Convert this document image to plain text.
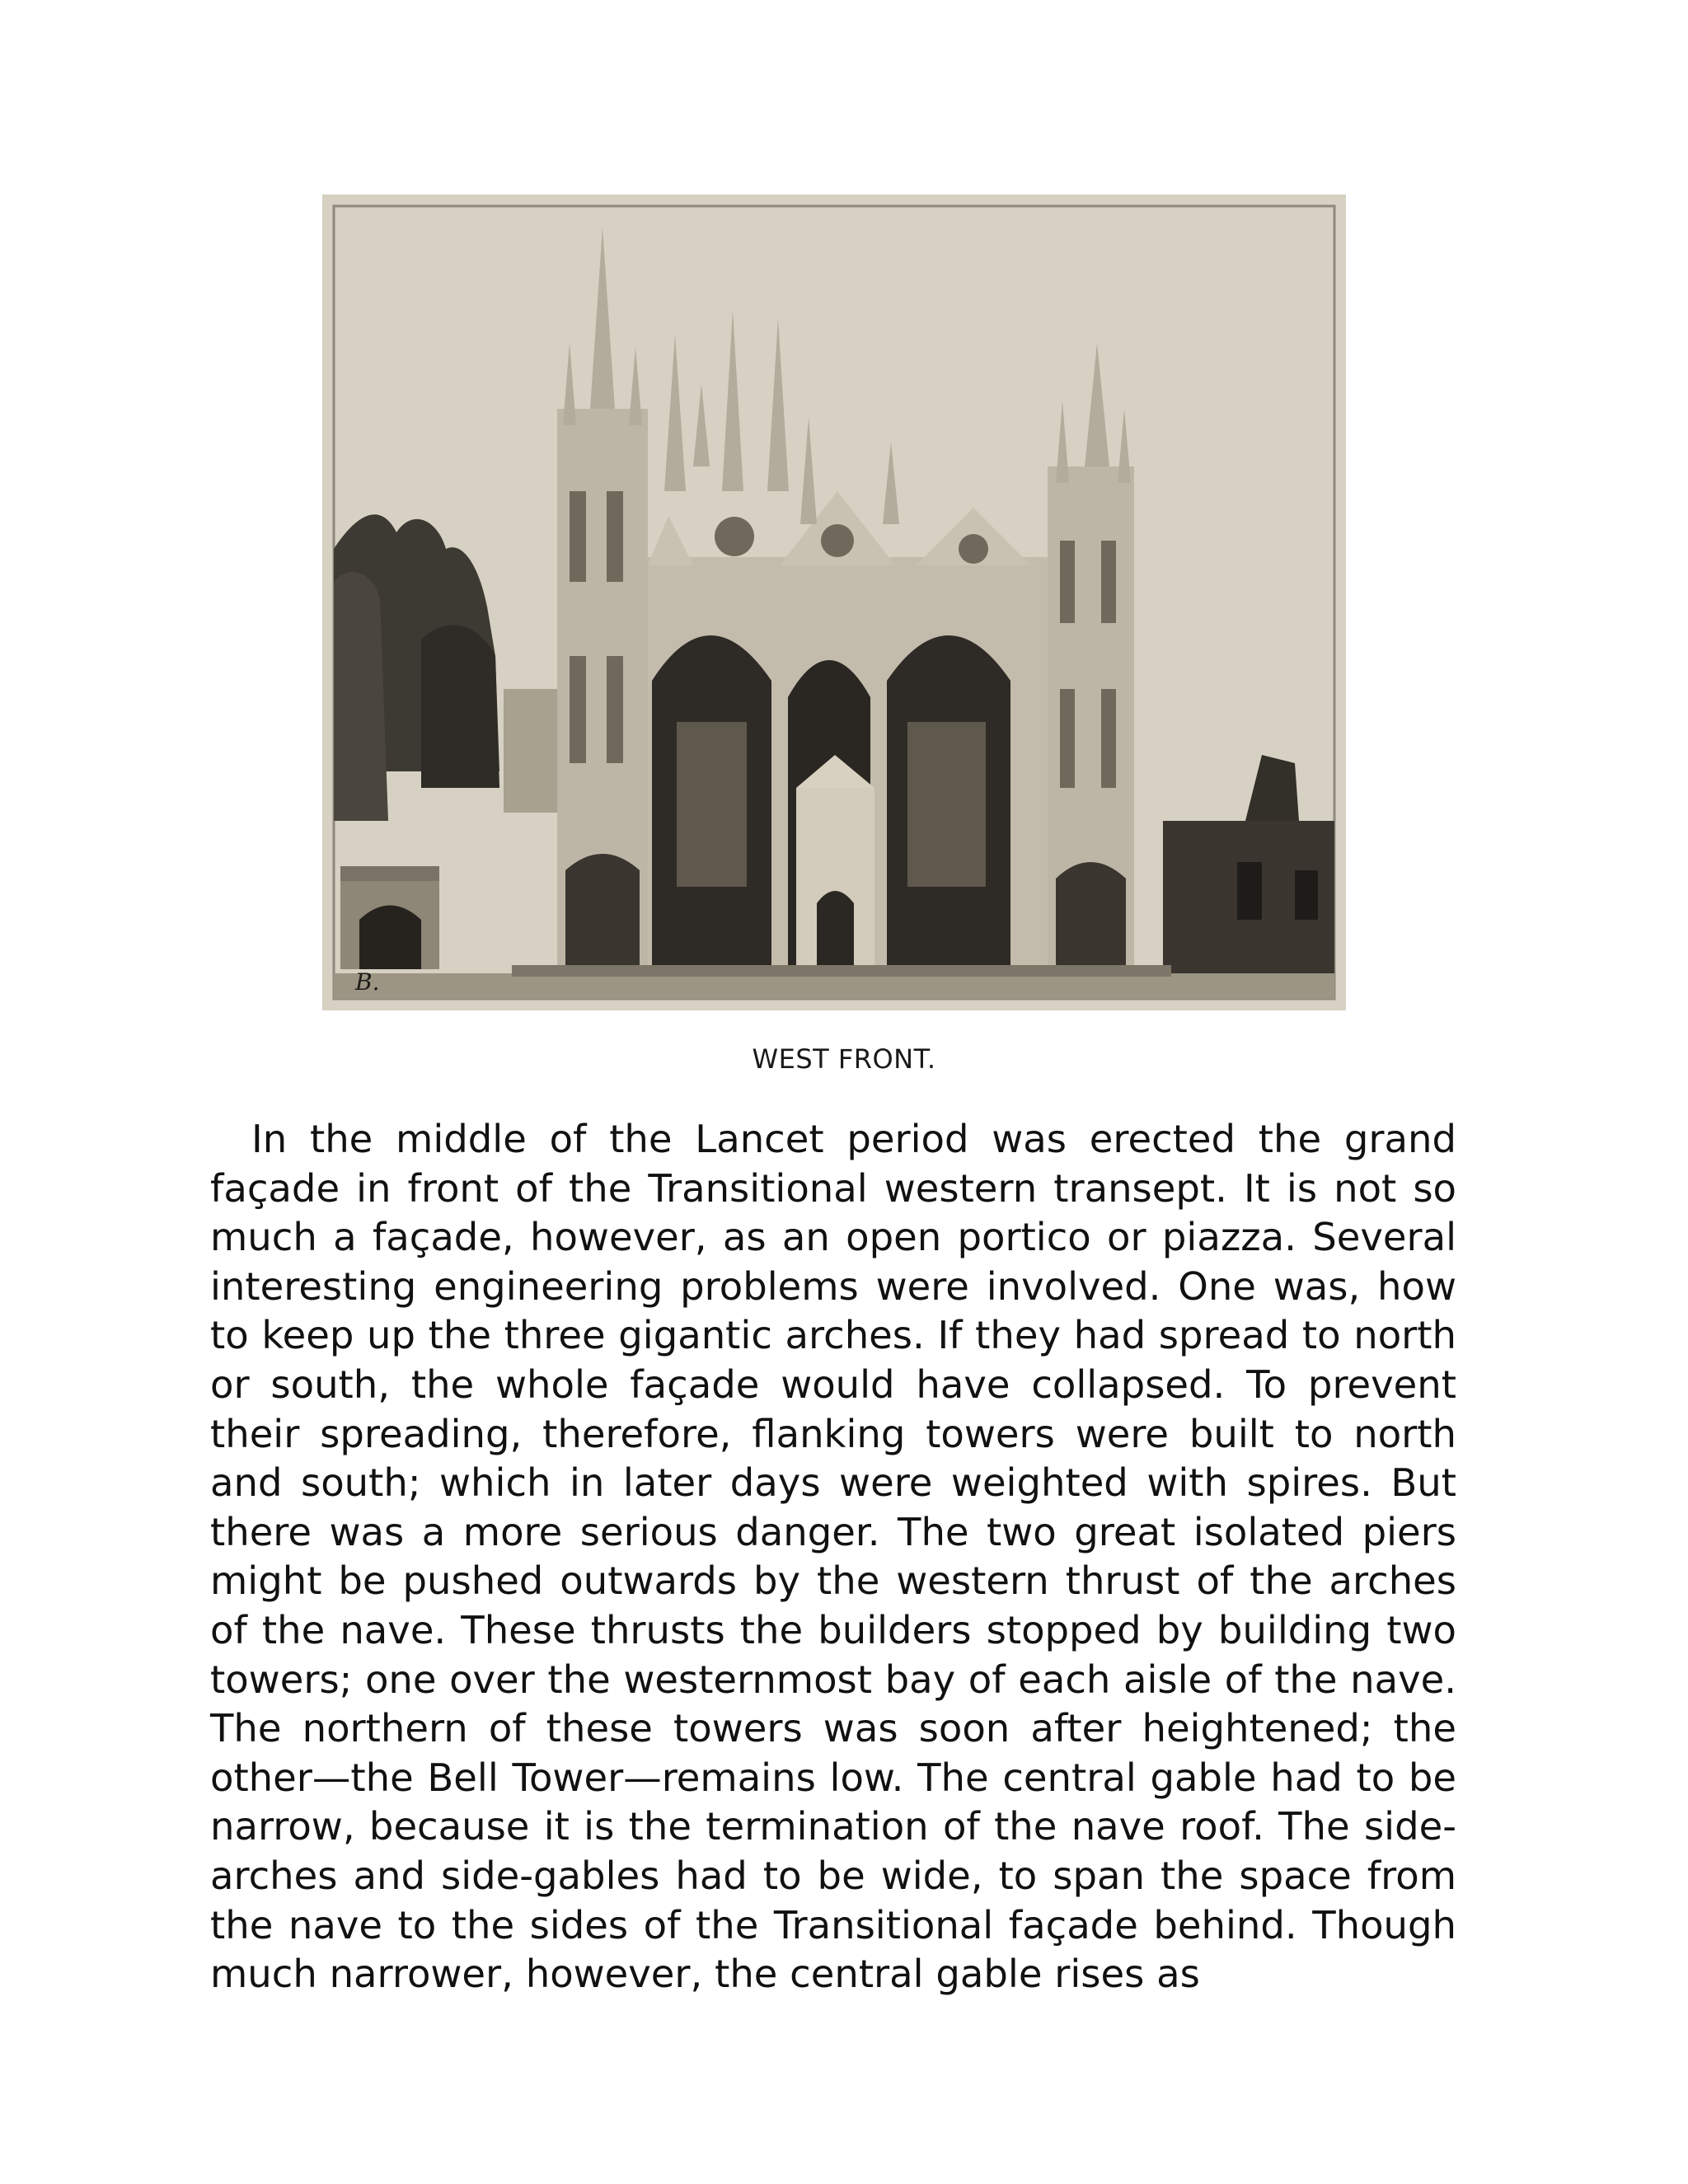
B.
WEST FRONT.

In the middle of the Lancet period was erected the grand façade in front of the Transitional western transept. It is not so much a façade, however, as an open portico or piazza. Several interesting engineering problems were involved. One was, how to keep up the three gigantic arches. If they had spread to north or south, the whole façade would have collapsed. To prevent their spreading, therefore, flanking towers were built to north and south; which in later days were weighted with spires. But there was a more serious danger. The two great isolated piers might be pushed outwards by the western thrust of the arches of the nave. These thrusts the builders stopped by building two towers; one over the westernmost bay of each aisle of the nave. The northern of these towers was soon after heightened; the other—the Bell Tower—remains low. The central gable had to be narrow, because it is the termination of the nave roof. The side-arches and side-gables had to be wide, to span the space from the nave to the sides of the Transitional façade behind. Though much narrower, however, the central gable rises as
